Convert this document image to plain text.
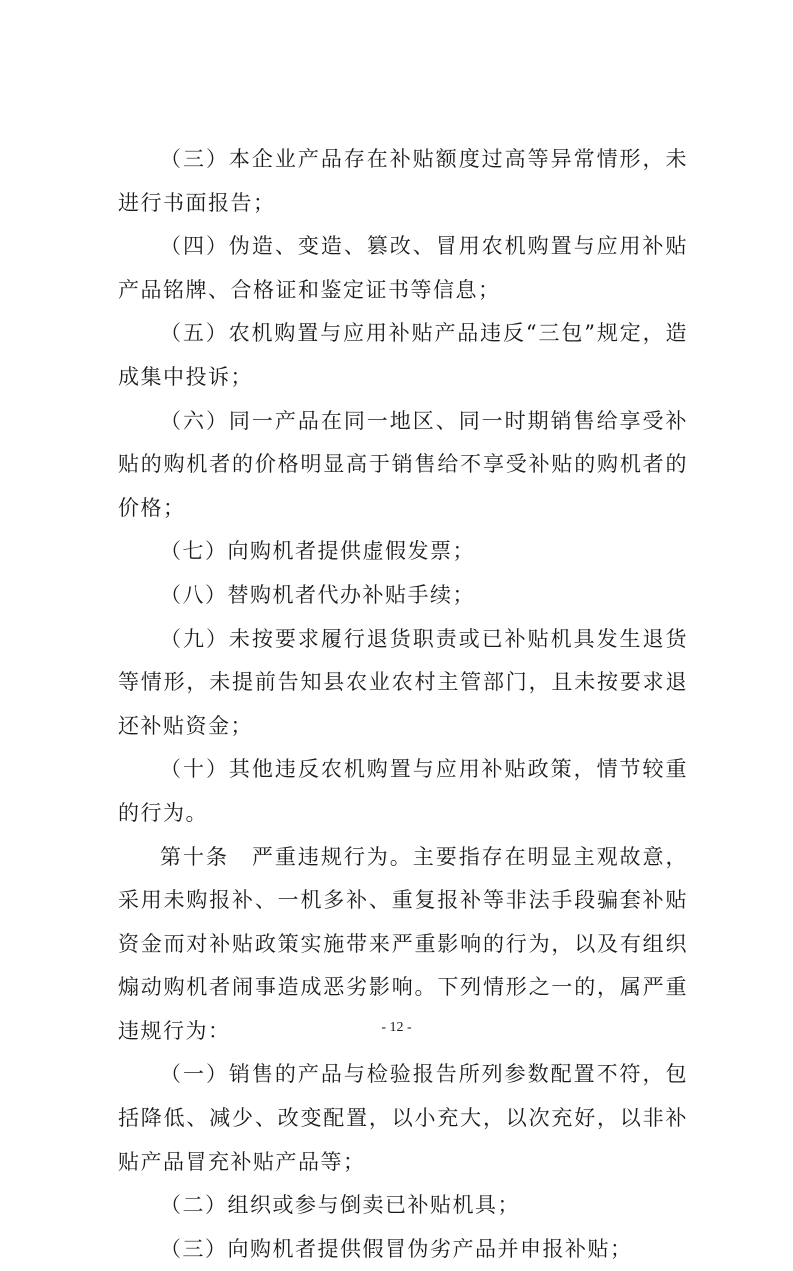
（三）本企业产品存在补贴额度过高等异常情形，未进行书面报告；

（四）伪造、变造、篡改、冒用农机购置与应用补贴产品铭牌、合格证和鉴定证书等信息；

（五）农机购置与应用补贴产品违反“三包”规定，造成集中投诉；

（六）同一产品在同一地区、同一时期销售给享受补贴的购机者的价格明显高于销售给不享受补贴的购机者的价格；

（七）向购机者提供虚假发票；

（八）替购机者代办补贴手续；

（九）未按要求履行退货职责或已补贴机具发生退货等情形，未提前告知县农业农村主管部门，且未按要求退还补贴资金；

（十）其他违反农机购置与应用补贴政策，情节较重的行为。

第十条　严重违规行为。主要指存在明显主观故意，采用未购报补、一机多补、重复报补等非法手段骗套补贴资金而对补贴政策实施带来严重影响的行为，以及有组织煽动购机者闹事造成恶劣影响。下列情形之一的，属严重违规行为：

（一）销售的产品与检验报告所列参数配置不符，包括降低、减少、改变配置，以小充大，以次充好，以非补贴产品冒充补贴产品等；

（二）组织或参与倒卖已补贴机具；

（三）向购机者提供假冒伪劣产品并申报补贴；

- 12 -
